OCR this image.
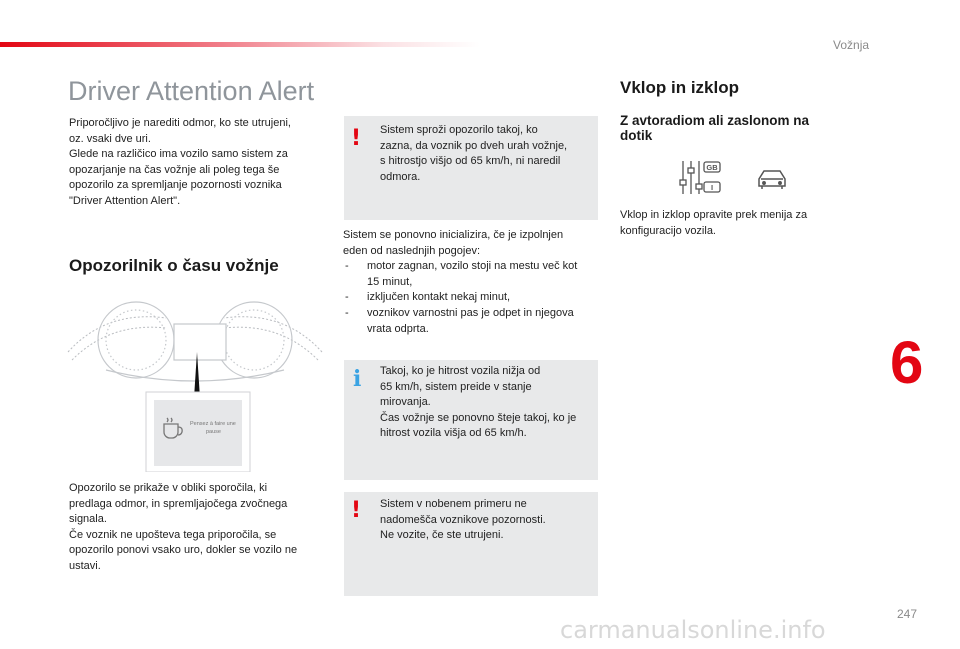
Vožnja
Driver Attention Alert
Priporočljivo je narediti odmor, ko ste utrujeni,
oz. vsaki dve uri.
Glede na različico ima vozilo samo sistem za
opozarjanje na čas vožnje ali poleg tega še
opozorilo za spremljanje pozornosti voznika
"Driver Attention Alert".
Opozorilnik o času vožnje
Pensez à faire une
pause
Opozorilo se prikaže v obliki sporočila, ki
predlaga odmor, in spremljajočega zvočnega
signala.
Če voznik ne upošteva tega priporočila, se
opozorilo ponovi vsako uro, dokler se vozilo ne
ustavi.
! Sistem sproži opozorilo takoj, ko
zazna, da voznik po dveh urah vožnje,
s hitrostjo višjo od 65 km/h, ni naredil
odmora.
Sistem se ponovno inicializira, če je izpolnjen
eden od naslednjih pogojev:
- motor zagnan, vozilo stoji na mestu več kot
15 minut,
- izključen kontakt nekaj minut,
- voznikov varnostni pas je odpet in njegova
vrata odprta.
i Takoj, ko je hitrost vozila nižja od
65 km/h, sistem preide v stanje
mirovanja.
Čas vožnje se ponovno šteje takoj, ko je
hitrost vozila višja od 65 km/h.
! Sistem v nobenem primeru ne
nadomešča voznikove pozornosti.
Ne vozite, če ste utrujeni.
Vklop in izklop
Z avtoradiom ali zaslonom na
dotik
GB
I
Vklop in izklop opravite prek menija za
konfiguracijo vozila.
6
247
carmanualsonline.info
